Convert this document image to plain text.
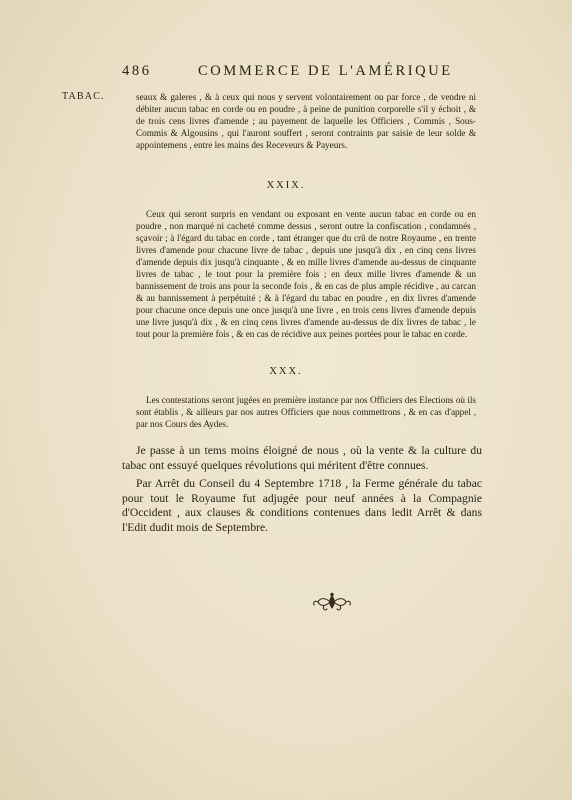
486	COMMERCE DE L'AMÉRIQUE
TABAC.	seaux & galeres , & à ceux qui nous y servent volontairement ou par force , de vendre ni débiter aucun tabac en corde ou en poudre , à peine de punition corporelle s'il y échoit , & de trois cens livres d'amende ; au payement de laquelle les Officiers , Commis , Sous-Commis & Algousins , qui l'auront souffert , seront contraints par saisie de leur solde & appointemens , entre les mains des Receveurs & Payeurs.

XXIX.

Ceux qui seront surpris en vendant ou exposant en vente aucun tabac en corde ou en poudre , non marqué ni cacheté comme dessus , seront outre la confiscation , condamnés , sçavoir ; à l'égard du tabac en corde , tant étranger que du crû de notre Royaume , en trente livres d'amende pour chacune livre de tabac , depuis une jusqu'à dix , en cinq cens livres d'amende depuis dix jusqu'à cinquante , & en mille livres d'amende au-dessus de cinquante livres de tabac , le tout pour la première fois ; en deux mille livres d'amende & un bannissement de trois ans pour la seconde fois , & en cas de plus ample récidive , au carcan & au bannissement à perpétuité ; & à l'égard du tabac en poudre , en dix livres d'amende pour chacune once depuis une once jusqu'à une livre , en trois cens livres d'amende depuis une livre jusqu'à dix , & en cinq cens livres d'amende au-dessus de dix livres de tabac , le tout pour la première fois , & en cas de récidive aux peines portées pour le tabac en corde.

XXX.

Les contestations seront jugées en première instance par nos Officiers des Elections où ils sont établis , & ailleurs par nos autres Officiers que nous commettrons , & en cas d'appel , par nos Cours des Aydes.

Je passe à un tems moins éloigné de nous , où la vente & la culture du tabac ont essuyé quelques révolutions qui méritent d'être connues.

Par Arrêt du Conseil du 4 Septembre 1718 , la Ferme générale du tabac pour tout le Royaume fut adjugée pour neuf années à la Compagnie d'Occident , aux clauses & conditions contenues dans ledit Arrêt & dans l'Edit dudit mois de Septembre.
